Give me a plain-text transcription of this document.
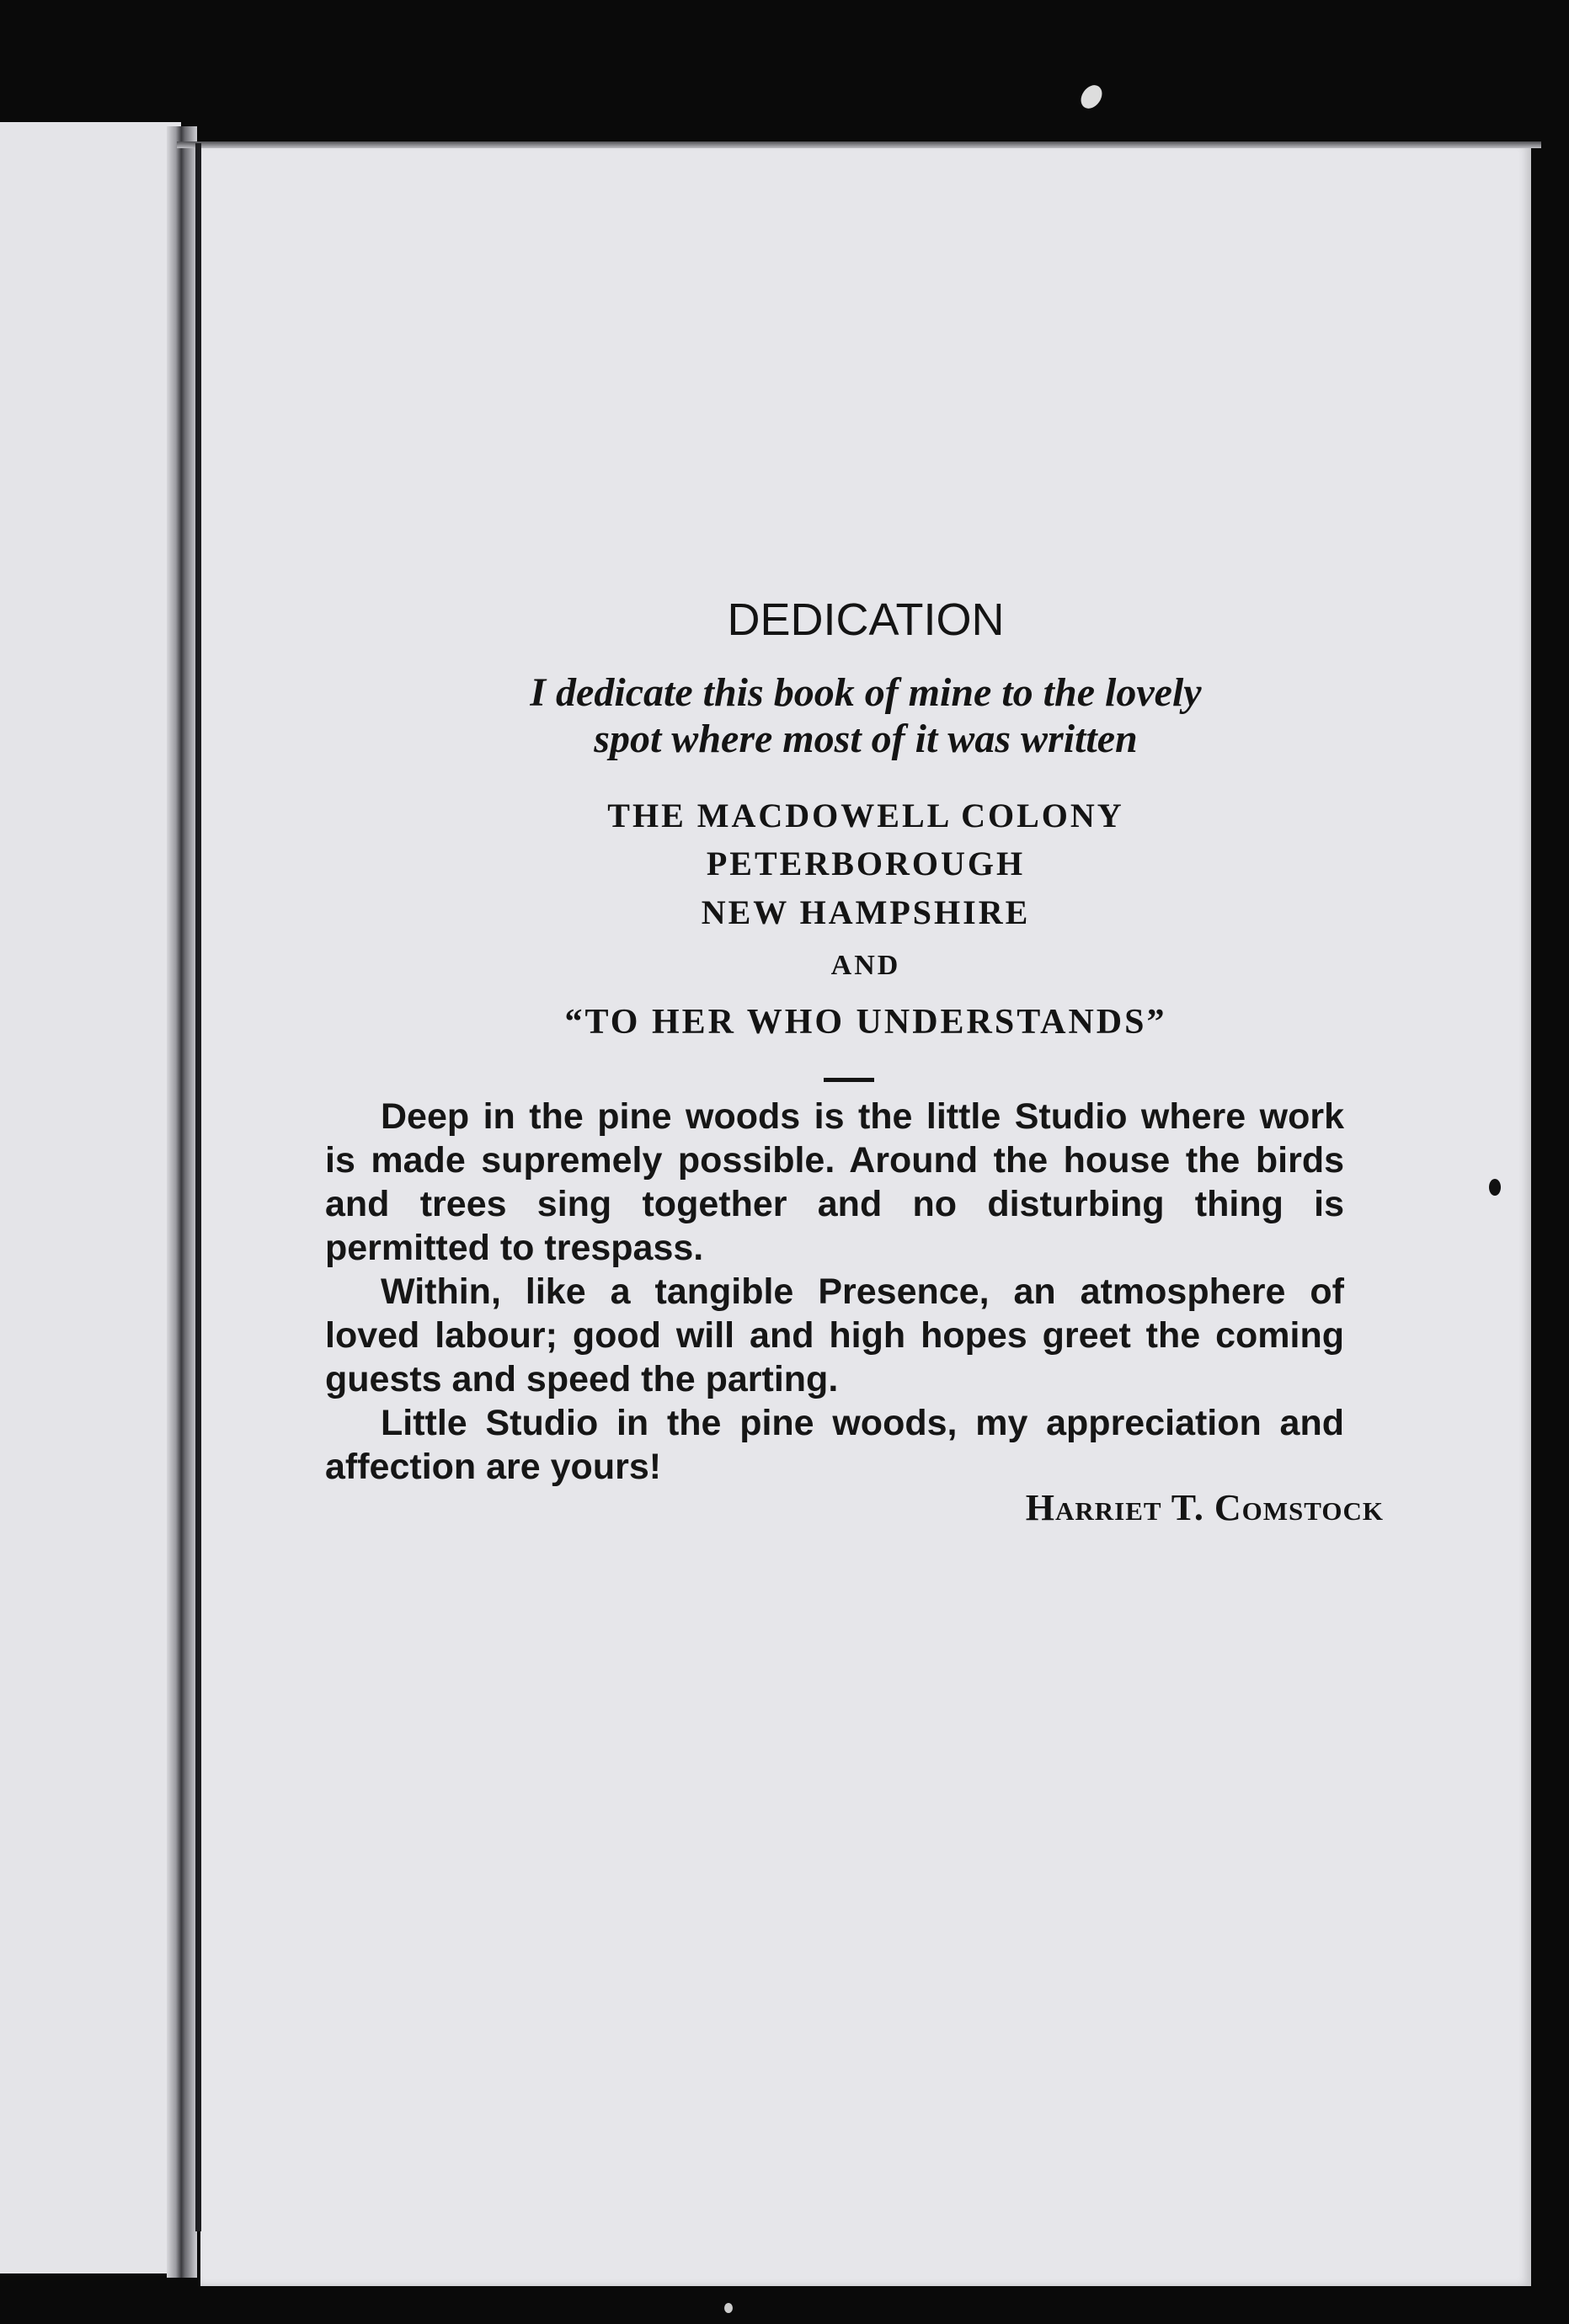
DEDICATION
I dedicate this book of mine to the lovely
spot where most of it was written
THE MACDOWELL COLONY
PETERBOROUGH
NEW HAMPSHIRE
AND
“TO HER WHO UNDERSTANDS”

Deep in the pine woods is the little Studio where work is made supremely possible. Around the house the birds and trees sing together and no disturbing thing is permitted to trespass.

Within, like a tangible Presence, an atmosphere of loved labour; good will and high hopes greet the coming guests and speed the parting.

Little Studio in the pine woods, my appreciation and affection are yours!

Harriet T. Comstock
